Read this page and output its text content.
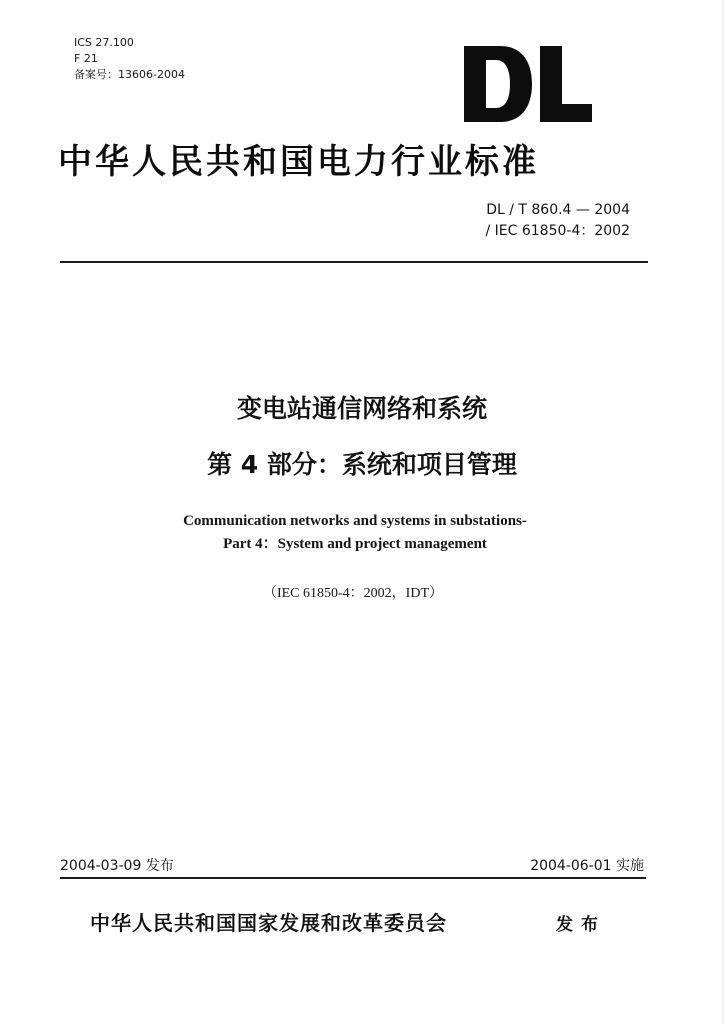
ICS 27.100
F 21
备案号：13606-2004
中华人民共和国电力行业标准
DL / T 860.4 — 2004
/ IEC 61850-4：2002
变电站通信网络和系统
第 4 部分：系统和项目管理
Communication networks and systems in substations-
Part 4：System and project management
（IEC 61850-4：2002，IDT）
2004-03-09 发布	2004-06-01 实施
中华人民共和国国家发展和改革委员会	发布
